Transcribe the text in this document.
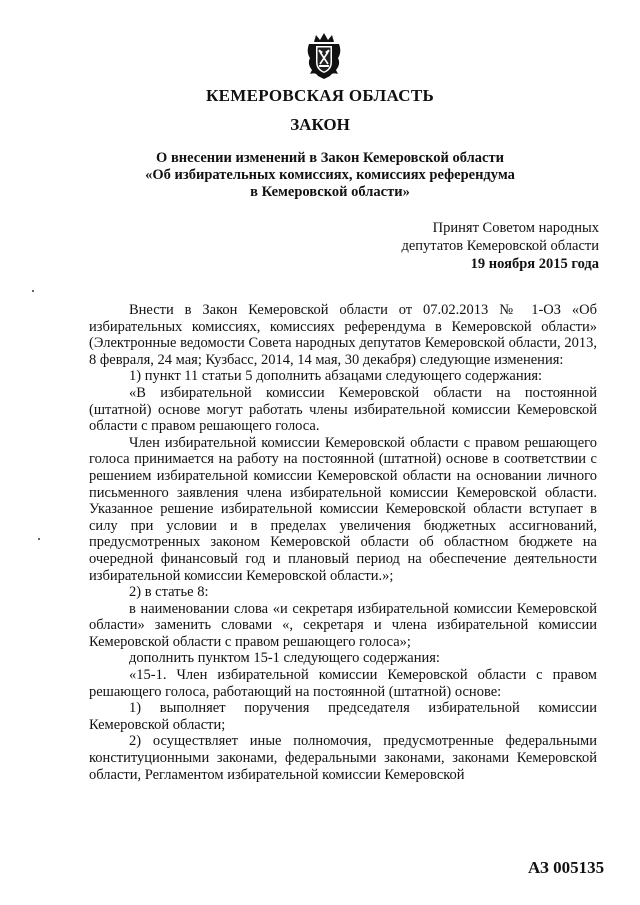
КЕМЕРОВСКАЯ ОБЛАСТЬ
ЗАКОН
О внесении изменений в Закон Кемеровской области
«Об избирательных комиссиях, комиссиях референдума
в Кемеровской области»
Принят Советом народных
депутатов Кемеровской области
19 ноября 2015 года

Внести в Закон Кемеровской области от 07.02.2013 № 1-ОЗ «Об избирательных комиссиях, комиссиях референдума в Кемеровской области» (Электронные ведомости Совета народных депутатов Кемеровской области, 2013, 8 февраля, 24 мая; Кузбасс, 2014, 14 мая, 30 декабря) следующие изменения:

1) пункт 11 статьи 5 дополнить абзацами следующего содержания:

«В избирательной комиссии Кемеровской области на постоянной (штатной) основе могут работать члены избирательной комиссии Кемеровской области с правом решающего голоса.

Член избирательной комиссии Кемеровской области с правом решающего голоса принимается на работу на постоянной (штатной) основе в соответствии с решением избирательной комиссии Кемеровской области на основании личного письменного заявления члена избирательной комиссии Кемеровской области. Указанное решение избирательной комиссии Кемеровской области вступает в силу при условии и в пределах увеличения бюджетных ассигнований, предусмотренных законом Кемеровской области об областном бюджете на очередной финансовый год и плановый период на обеспечение деятельности избирательной комиссии Кемеровской области.»;

2) в статье 8:

в наименовании слова «и секретаря избирательной комиссии Кемеровской области» заменить словами «, секретаря и члена избирательной комиссии Кемеровской области с правом решающего голоса»;

дополнить пунктом 15-1 следующего содержания:

«15-1. Член избирательной комиссии Кемеровской области с правом решающего голоса, работающий на постоянной (штатной) основе:

1) выполняет поручения председателя избирательной комиссии Кемеровской области;

2) осуществляет иные полномочия, предусмотренные федеральными конституционными законами, федеральными законами, законами Кемеровской области, Регламентом избирательной комиссии Кемеровской

АЗ 005135
